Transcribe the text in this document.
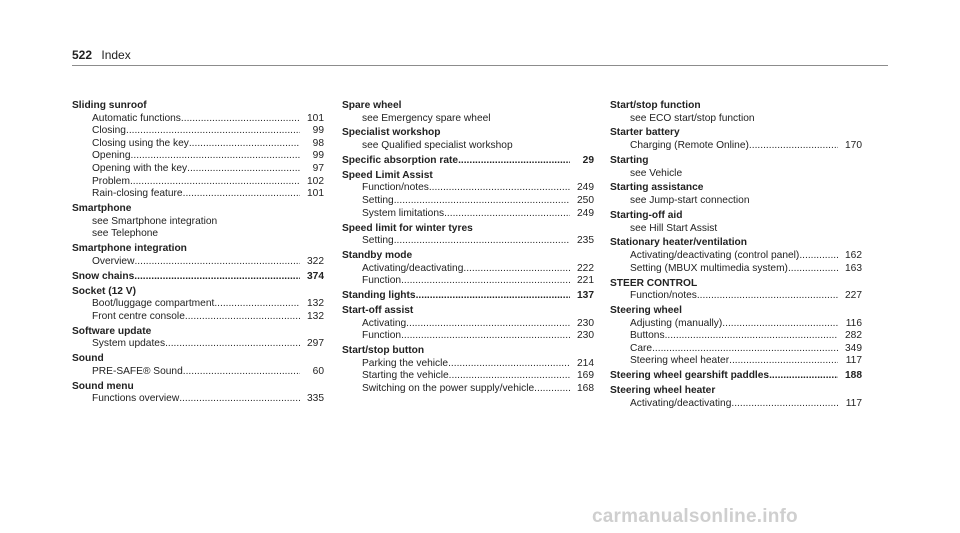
522 Index
Sliding sunroof
Automatic functions .....	101
Closing .....	99
Closing using the key .....	98
Opening .....	99
Opening with the key .....	97
Problem .....	102
Rain-closing feature .....	101
Smartphone
see Smartphone integration
see Telephone
Smartphone integration
Overview .....	322
Snow chains .....	374
Socket (12 V)
Boot/luggage compartment .....	132
Front centre console .....	132
Software update
System updates .....	297
Sound
PRE-SAFE® Sound .....	60
Sound menu
Functions overview .....	335
Spare wheel
see Emergency spare wheel
Specialist workshop
see Qualified specialist workshop
Specific absorption rate .....	29
Speed Limit Assist
Function/notes .....	249
Setting .....	250
System limitations .....	249
Speed limit for winter tyres
Setting .....	235
Standby mode
Activating/deactivating .....	222
Function .....	221
Standing lights .....	137
Start-off assist
Activating .....	230
Function .....	230
Start/stop button
Parking the vehicle .....	214
Starting the vehicle .....	169
Switching on the power supply/vehicle .....	168
Start/stop function
see ECO start/stop function
Starter battery
Charging (Remote Online) .....	170
Starting
see Vehicle
Starting assistance
see Jump-start connection
Starting-off aid
see Hill Start Assist
Stationary heater/ventilation
Activating/deactivating (control panel) .....	162
Setting (MBUX multimedia system) .....	163
STEER CONTROL
Function/notes .....	227
Steering wheel
Adjusting (manually) .....	116
Buttons .....	282
Care .....	349
Steering wheel heater .....	117
Steering wheel gearshift paddles .....	188
Steering wheel heater
Activating/deactivating .....	117
carmanualsonline.info
